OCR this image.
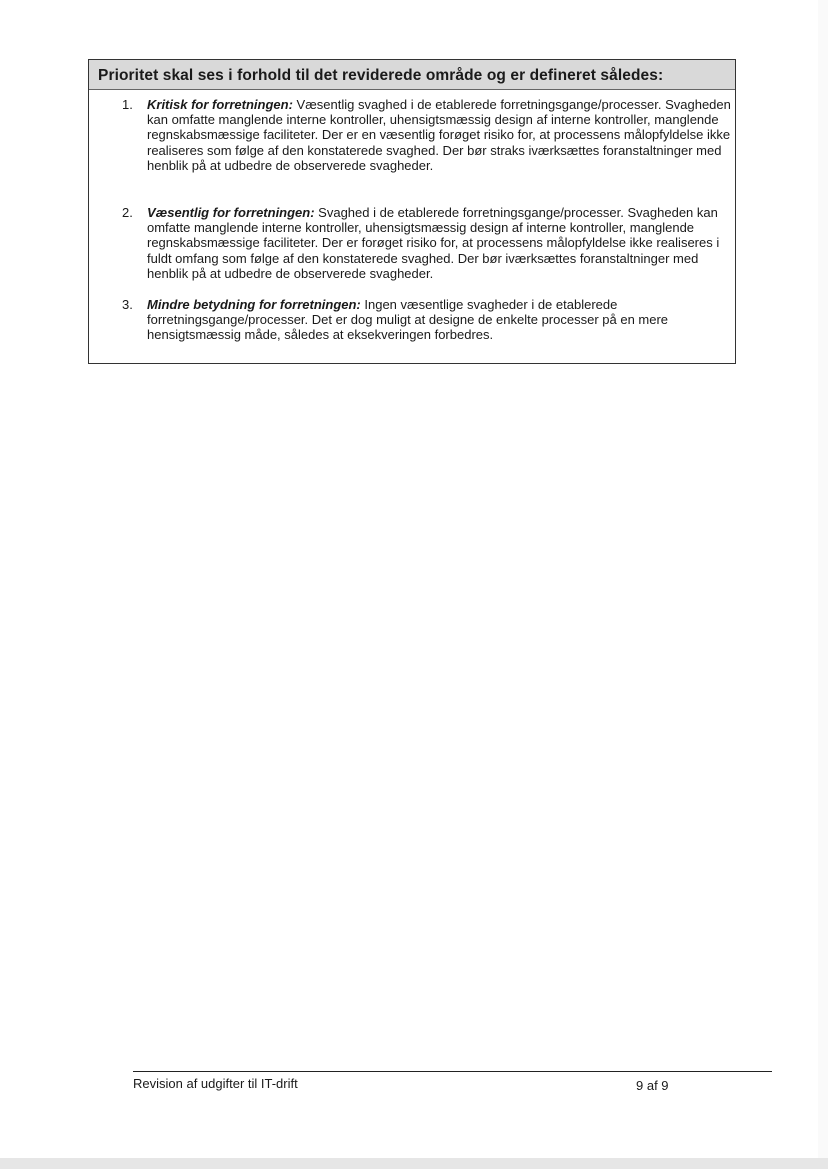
Prioritet skal ses i forhold til det reviderede område og er defineret således:
1. Kritisk for forretningen: Væsentlig svaghed i de etablerede forretningsgange/processer. Svagheden kan omfatte manglende interne kontroller, uhensigtsmæssig design af interne kontroller, manglende regnskabsmæssige faciliteter. Der er en væsentlig forøget risiko for, at processens målopfyldelse ikke realiseres som følge af den konstaterede svaghed. Der bør straks iværksættes foranstaltninger med henblik på at udbedre de observerede svagheder.
2. Væsentlig for forretningen: Svaghed i de etablerede forretningsgange/processer. Svagheden kan omfatte manglende interne kontroller, uhensigtsmæssig design af interne kontroller, manglende regnskabsmæssige faciliteter. Der er forøget risiko for, at processens målopfyldelse ikke realiseres i fuldt omfang som følge af den konstaterede svaghed. Der bør iværksættes foranstaltninger med henblik på at udbedre de observerede svagheder.
3. Mindre betydning for forretningen: Ingen væsentlige svagheder i de etablerede forretningsgange/processer. Det er dog muligt at designe de enkelte processer på en mere hensigtsmæssig måde, således at eksekveringen forbedres.
Revision af udgifter til IT-drift	9 af 9
